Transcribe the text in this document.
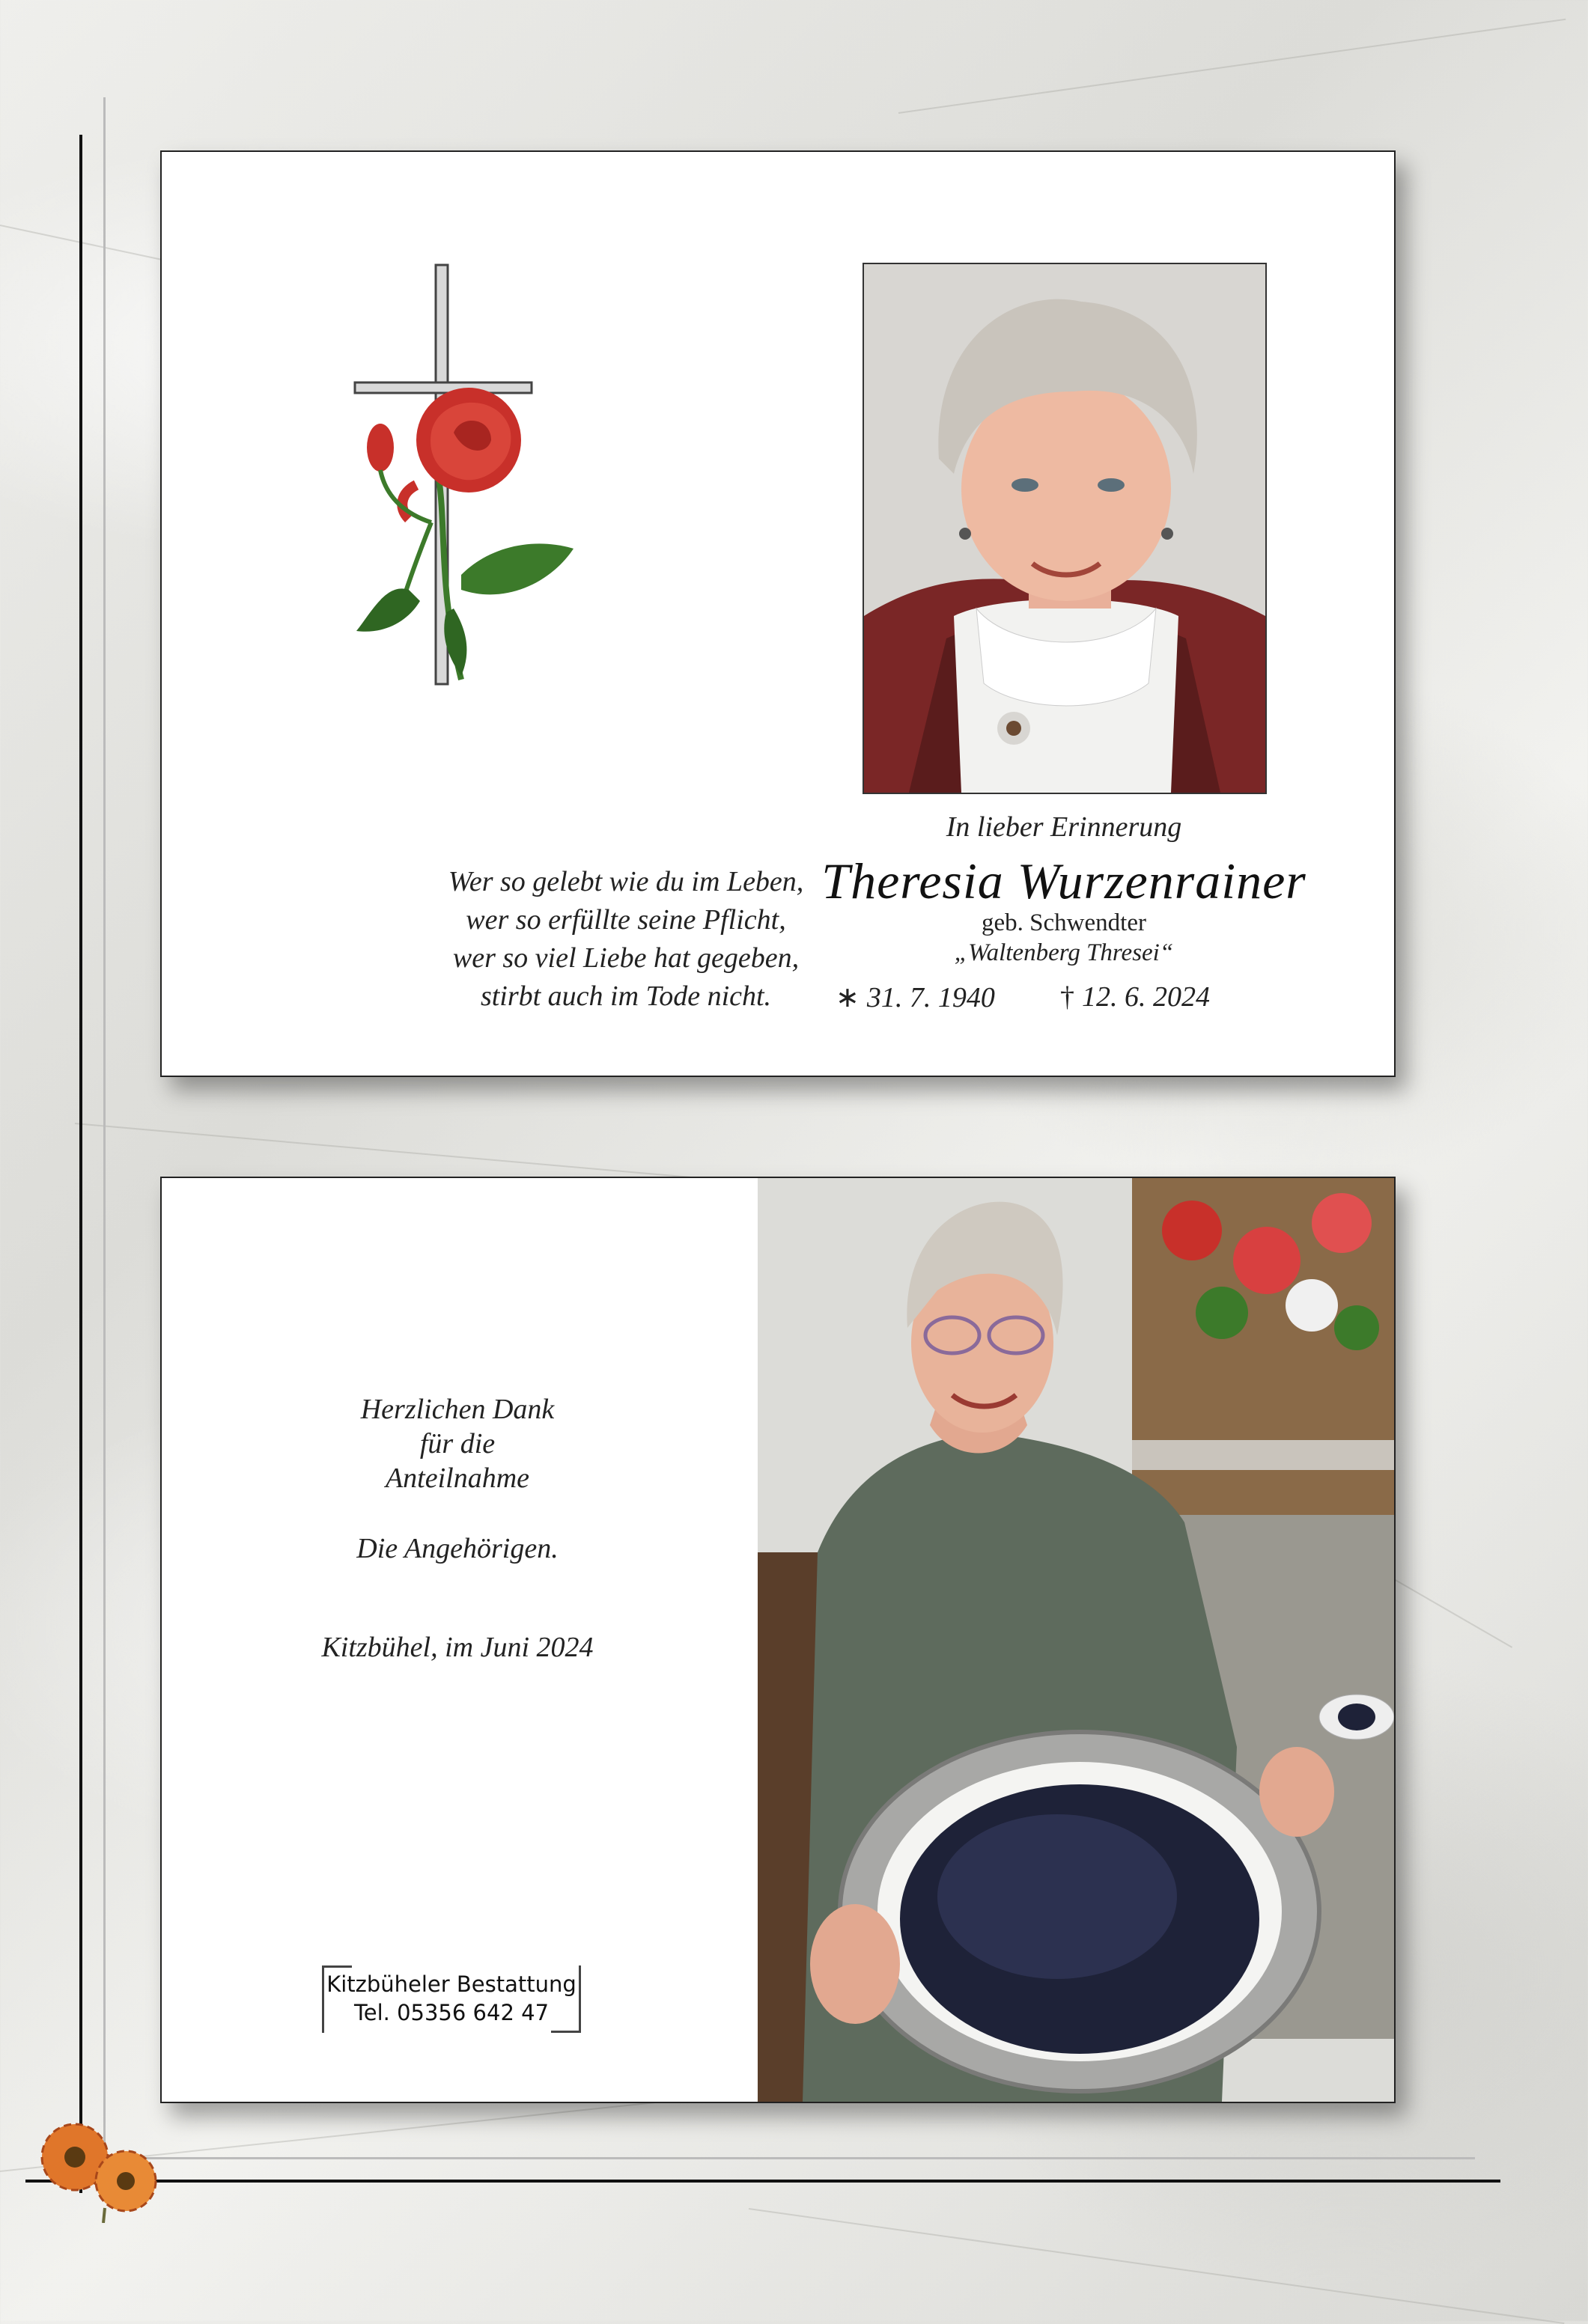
Wer so gelebt wie du im Leben,
wer so erfüllte seine Pflicht,
wer so viel Liebe hat gegeben,
stirbt auch im Tode nicht.
In lieber Erinnerung
Theresia Wurzenrainer
geb. Schwendter
„Waltenberg Thresei“
∗ 31. 7. 1940 † 12. 6. 2024
Herzlichen Dank
für die
Anteilnahme
Die Angehörigen.
Kitzbühel, im Juni 2024
Kitzbüheler Bestattung
Tel. 05356 642 47
